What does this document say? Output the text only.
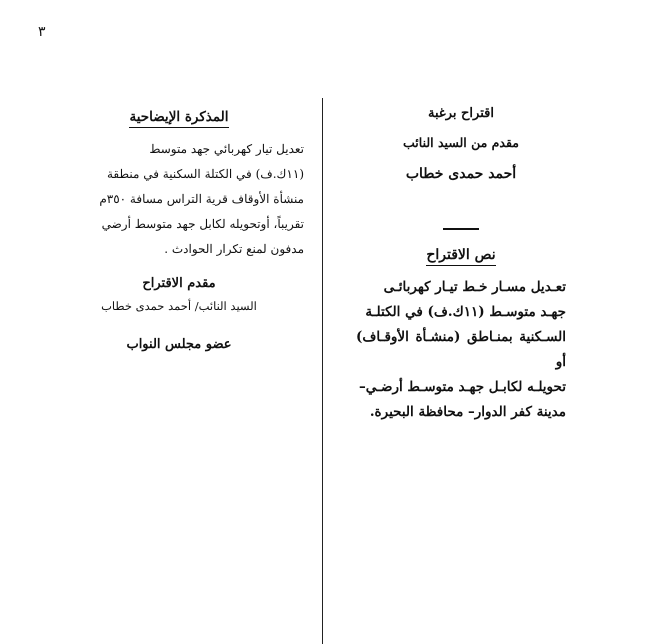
٣
اقتراح برغبة
مقدم من السيد النائب
أحمد حمدى خطاب
نص الاقتراح
تعـديل مسـار خـط تيـار كهربائـى
جهـد متوسـط (١١ك.ف) في الكتلـة
السـكنية بمنـاطق (منشـأة الأوقـاف) أو
تحويلـه لكابـل جهـد متوسـط أرضـي–
مدينة كفر الدوار– محافظة البحيرة.
المذكرة الإيضاحية
تعديل تيار كهربائي جهد متوسط
(١١ك.ف) في الكتلة السكنية في منطقة
منشأة الأوقاف قرية التراس مسافة ٣٥٠م
تقريباً، أوتحويله لكابل جهد متوسط أرضي
مدفون لمنع تكرار الحوادث .
مقدم الاقتراح
السيد النائب/ أحمد حمدى خطاب
عضو مجلس النواب
